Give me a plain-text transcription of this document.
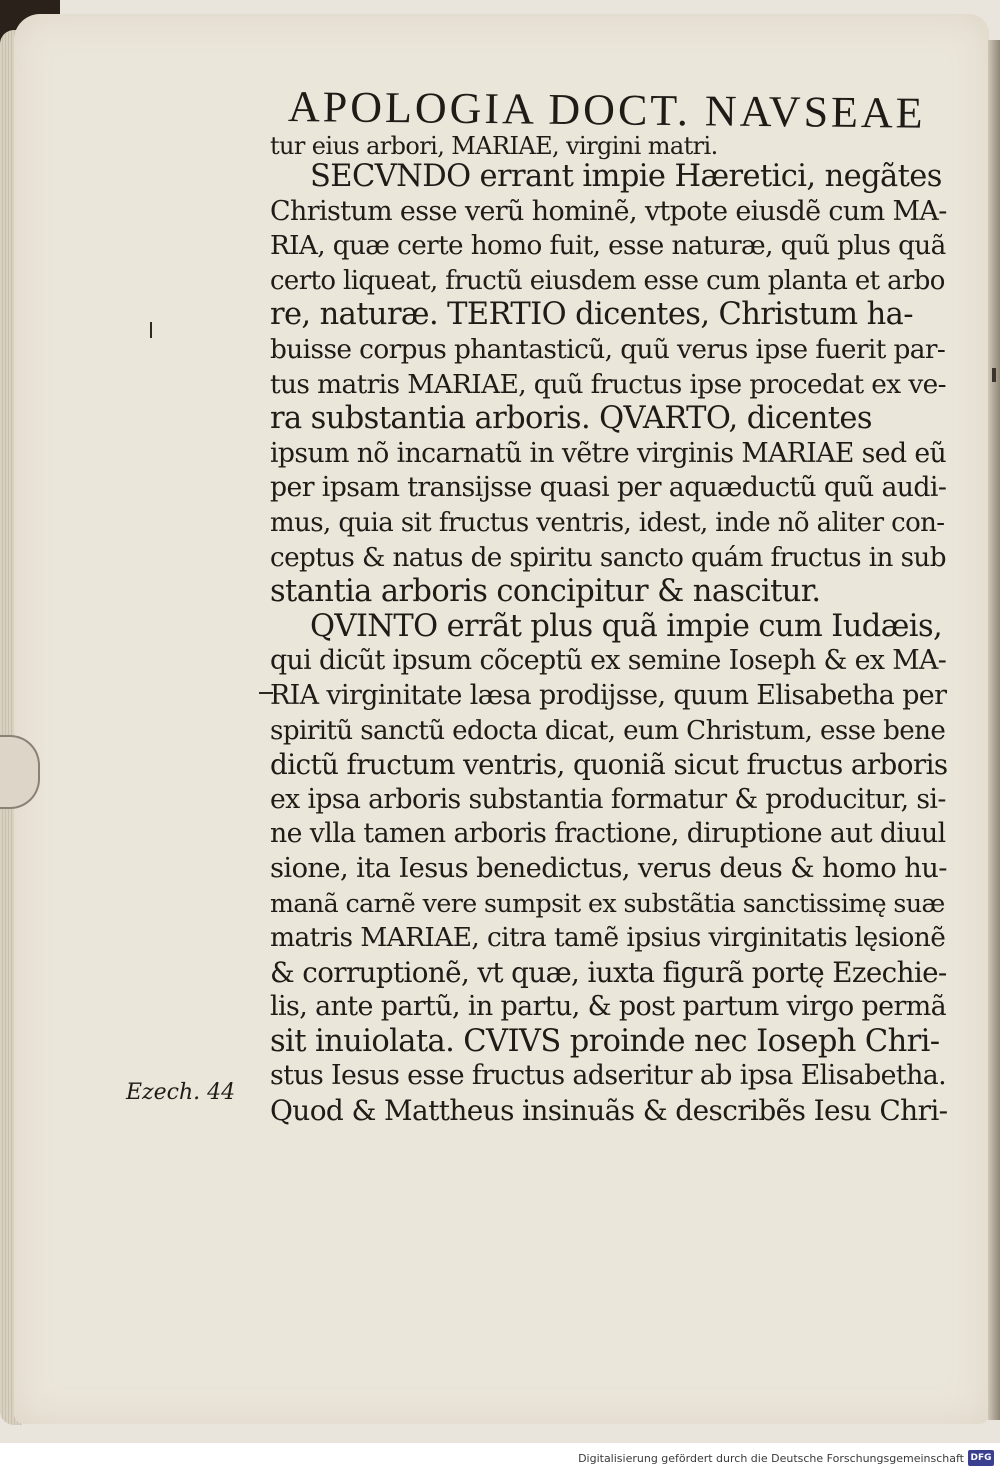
Ezech. 44
APOLOGIA DOCT. NAVSEAE
tur eius arbori, MARIAE, virgini matri.
SECVNDO errant impie Hæretici, negãtes
Christum esse verũ hominẽ, vtpote eiusdẽ cum MA-
RIA, quæ certe homo fuit, esse naturæ, quũ plus quã
certo liqueat, fructũ eiusdem esse cum planta et arbo
re, naturæ. TERTIO dicentes, Christum ha-
buisse corpus phantasticũ, quũ verus ipse fuerit par-
tus matris MARIAE, quũ fructus ipse procedat ex ve-
ra substantia arboris. QVARTO, dicentes
ipsum nõ incarnatũ in vẽtre virginis MARIAE sed eũ
per ipsam transijsse quasi per aquæductũ quũ audi-
mus, quia sit fructus ventris, idest, inde nõ aliter con-
ceptus & natus de spiritu sancto quám fructus in sub
stantia arboris concipitur & nascitur.
QVINTO errãt plus quã impie cum Iudæis,
qui dicũt ipsum cõceptũ ex semine Ioseph & ex MA-
RIA virginitate læsa prodijsse, quum Elisabetha per
spiritũ sanctũ edocta dicat, eum Christum, esse bene
dictũ fructum ventris, quoniã sicut fructus arboris
ex ipsa arboris substantia formatur & producitur, si-
ne vlla tamen arboris fractione, diruptione aut diuul
sione, ita Iesus benedictus, verus deus & homo hu-
manã carnẽ vere sumpsit ex substãtia sanctissimę suæ
matris MARIAE, citra tamẽ ipsius virginitatis lęsionẽ
& corruptionẽ, vt quæ, iuxta figurã portę Ezechie-
lis, ante partũ, in partu, & post partum virgo permã
sit inuiolata. CVIVS proinde nec Ioseph Chri-
stus Iesus esse fructus adseritur ab ipsa Elisabetha.
Quod & Mattheus insinuãs & describẽs Iesu Chri-
Digitalisierung gefördert durch die Deutsche Forschungsgemeinschaft DFG
